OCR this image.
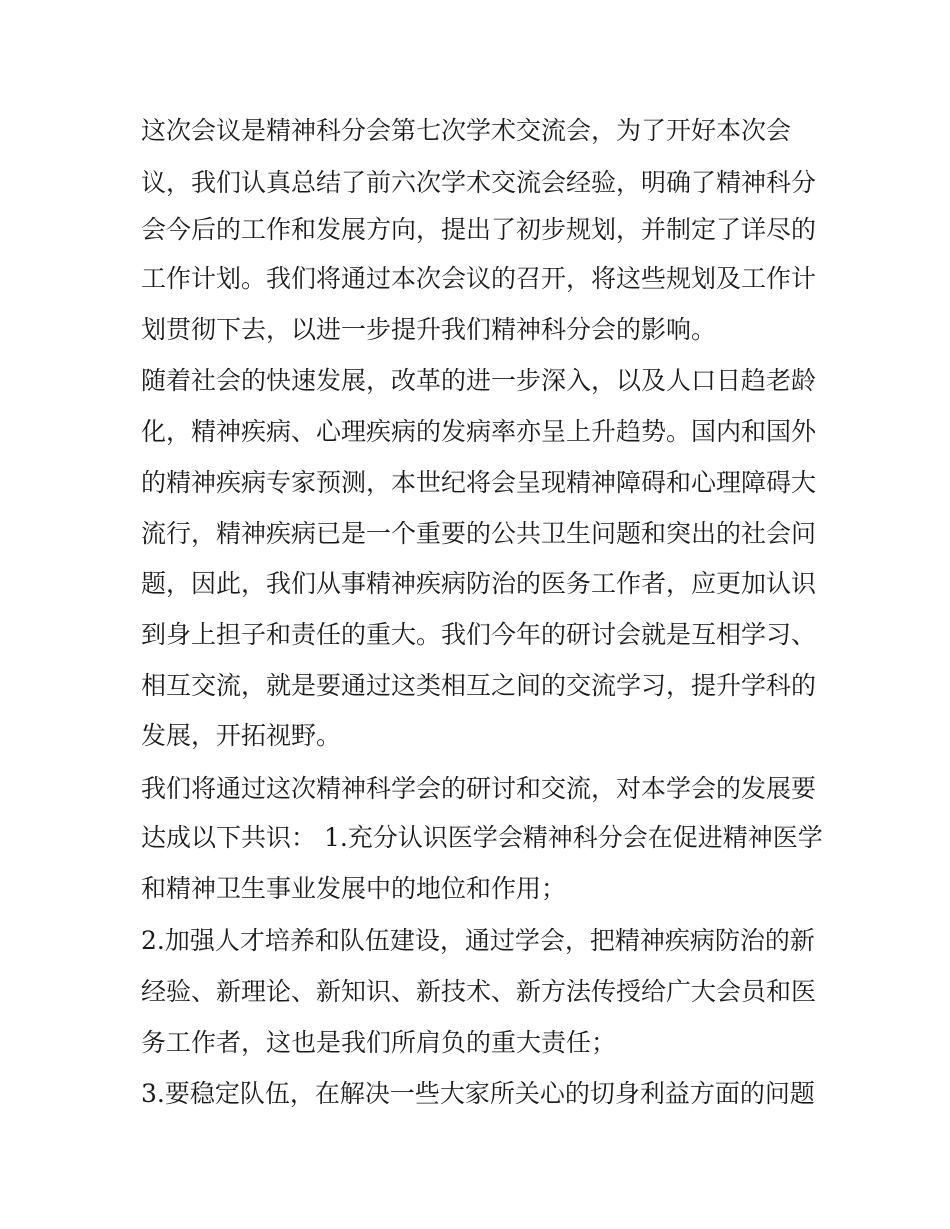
这次会议是精神科分会第七次学术交流会，为了开好本次会
议，我们认真总结了前六次学术交流会经验，明确了精神科分
会今后的工作和发展方向，提出了初步规划，并制定了详尽的
工作计划。我们将通过本次会议的召开，将这些规划及工作计
划贯彻下去，以进一步提升我们精神科分会的影响。
随着社会的快速发展，改革的进一步深入，以及人口日趋老龄
化，精神疾病、心理疾病的发病率亦呈上升趋势。国内和国外
的精神疾病专家预测，本世纪将会呈现精神障碍和心理障碍大
流行，精神疾病已是一个重要的公共卫生问题和突出的社会问
题，因此，我们从事精神疾病防治的医务工作者，应更加认识
到身上担子和责任的重大。我们今年的研讨会就是互相学习、
相互交流，就是要通过这类相互之间的交流学习，提升学科的
发展，开拓视野。
我们将通过这次精神科学会的研讨和交流，对本学会的发展要
达成以下共识： 1.充分认识医学会精神科分会在促进精神医学
和精神卫生事业发展中的地位和作用；
2.加强人才培养和队伍建设，通过学会，把精神疾病防治的新
经验、新理论、新知识、新技术、新方法传授给广大会员和医
务工作者，这也是我们所肩负的重大责任；
3.要稳定队伍，在解决一些大家所关心的切身利益方面的问题
